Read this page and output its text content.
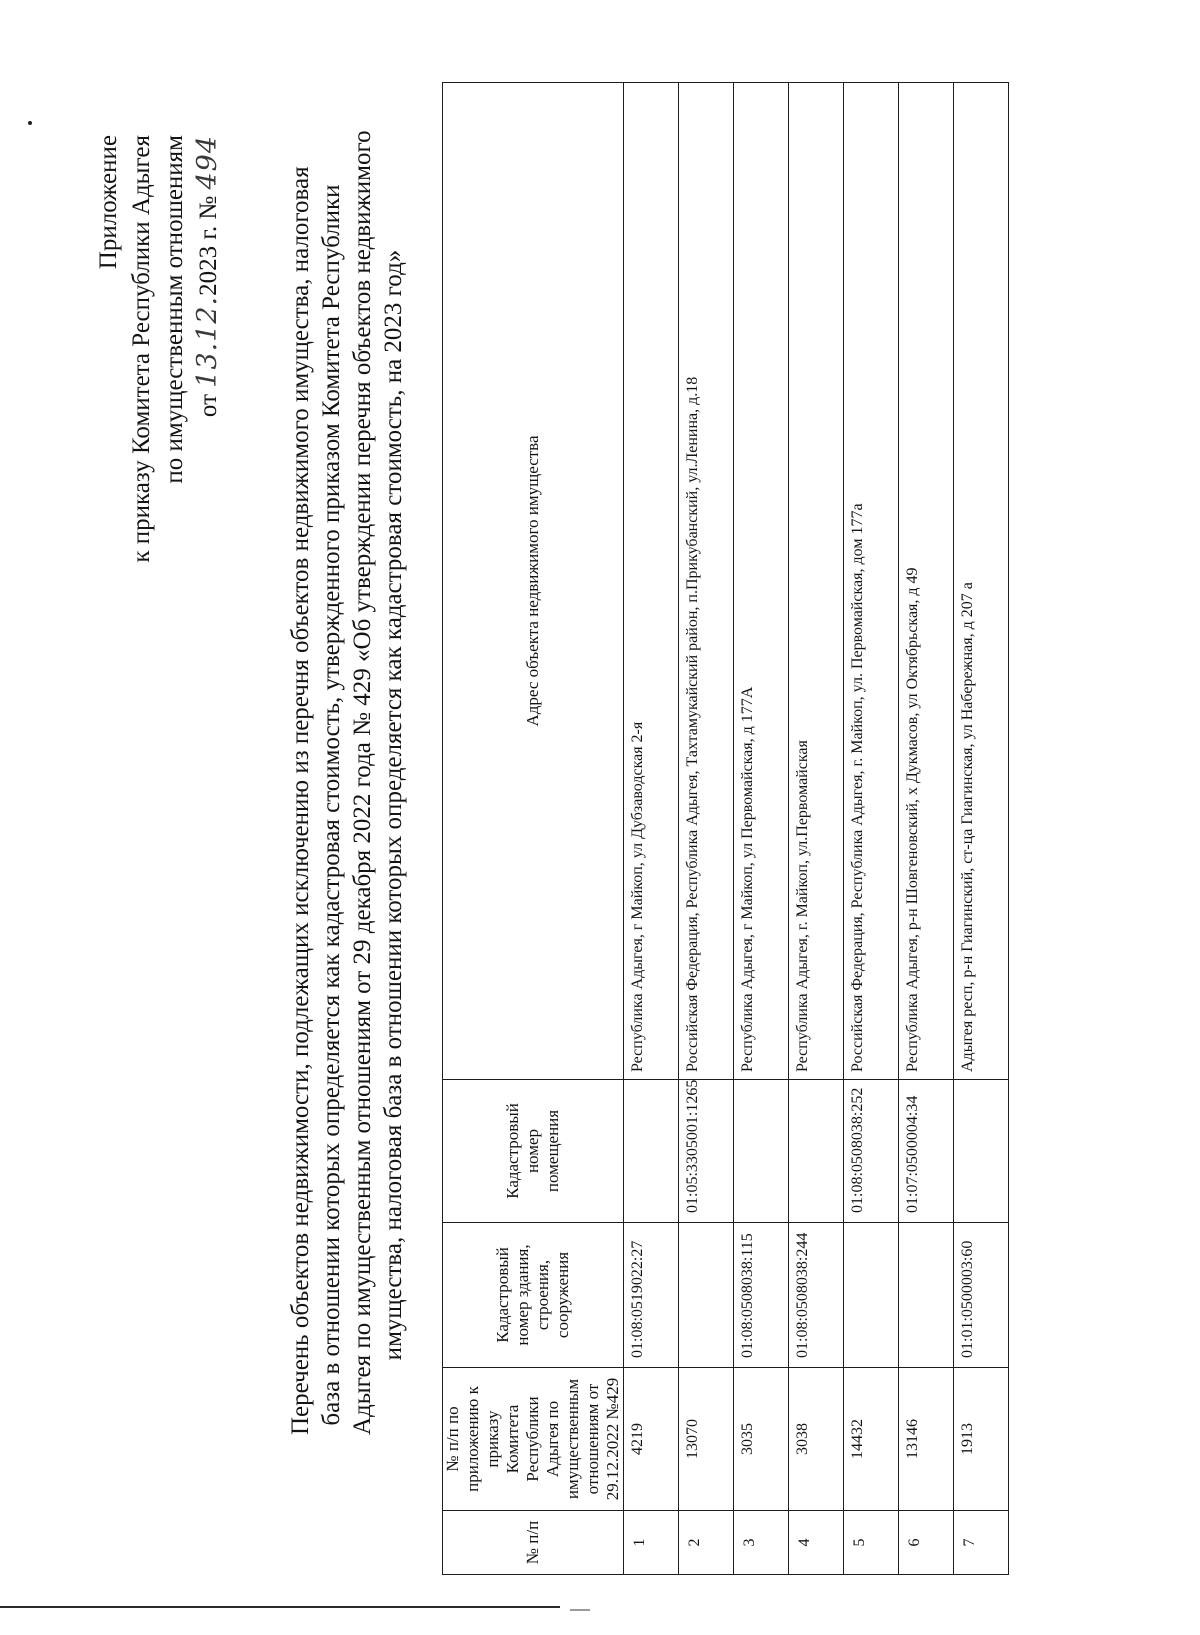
Приложение к приказу Комитета Республики Адыгея по имущественным отношениям от 13.12.2023 г. № 494
Перечень объектов недвижимости, подлежащих исключению из перечня объектов недвижимого имущества, налоговая база в отношении которых определяется как кадастровая стоимость, утвержденного приказом Комитета Республики Адыгея по имущественным отношениям от 29 декабря 2022 года № 429 «Об утверждении перечня объектов недвижимого имущества, налоговая база в отношении которых определяется как кадастровая стоимость, на 2023 год»
№ п/п	№ п/п по приложению к приказу Комитета Республики Адыгея по имущественным отношениям от 29.12.2022 №429	Кадастровый номер здания, строения, сооружения	Кадастровый номер помещения	Адрес объекта недвижимого имущества
1	4219	01:08:0519022:27		Республика Адыгея, г Майкоп, ул Дубзаводская 2-я
2	13070		01:05:3305001:1265	Российская Федерация, Республика Адыгея, Тахтамукайский район, п.Прикубанский, ул.Ленина, д.18
3	3035	01:08:0508038:115		Республика Адыгея, г Майкоп, ул Первомайская, д 177А
4	3038	01:08:0508038:244		Республика Адыгея, г. Майкоп, ул.Первомайская
5	14432		01:08:0508038:252	Российская Федерация, Республика Адыгея, г. Майкоп, ул. Первомайская, дом 177а
6	13146		01:07:0500004:34	Республика Адыгея, р-н Шовгеновский, х Дукмасов, ул Октябрьская, д 49
7	1913	01:01:0500003:60		Адыгея респ, р-н Гиагинский, ст-ца Гиагинская, ул Набережная, д 207 а
